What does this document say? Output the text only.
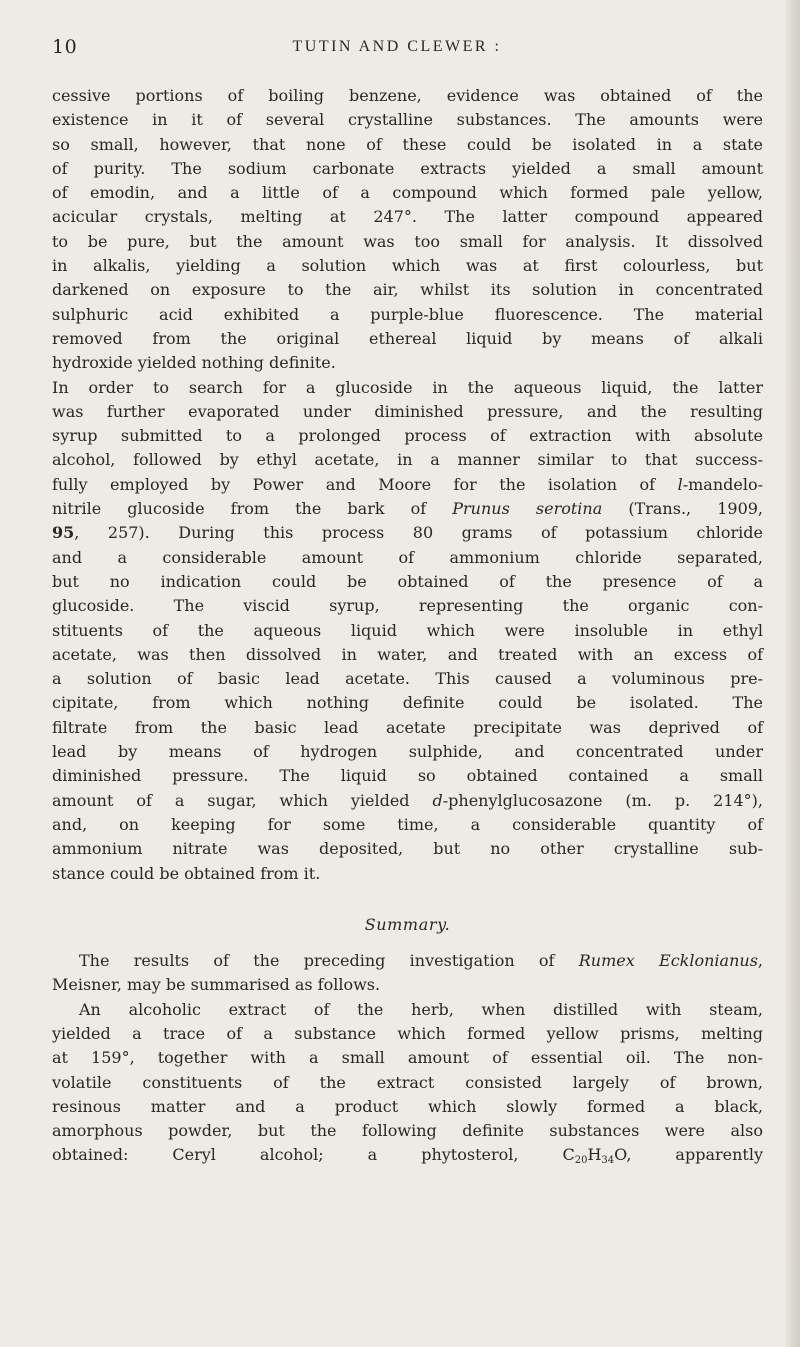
10	TUTIN AND CLEWER :
cessive portions of boiling benzene, evidence was obtained of the
existence in it of several crystalline substances. The amounts were
so small, however, that none of these could be isolated in a state
of purity. The sodium carbonate extracts yielded a small amount
of emodin, and a little of a compound which formed pale yellow,
acicular crystals, melting at 247°. The latter compound appeared
to be pure, but the amount was too small for analysis. It dissolved
in alkalis, yielding a solution which was at first colourless, but
darkened on exposure to the air, whilst its solution in concentrated
sulphuric acid exhibited a purple-blue fluorescence. The material
removed from the original ethereal liquid by means of alkali
hydroxide yielded nothing definite.
In order to search for a glucoside in the aqueous liquid, the latter
was further evaporated under diminished pressure, and the resulting
syrup submitted to a prolonged process of extraction with absolute
alcohol, followed by ethyl acetate, in a manner similar to that success-
fully employed by Power and Moore for the isolation of l-mandelo-
nitrile glucoside from the bark of Prunus serotina (Trans., 1909,
95, 257). During this process 80 grams of potassium chloride
and a considerable amount of ammonium chloride separated,
but no indication could be obtained of the presence of a
glucoside. The viscid syrup, representing the organic con-
stituents of the aqueous liquid which were insoluble in ethyl
acetate, was then dissolved in water, and treated with an excess of
a solution of basic lead acetate. This caused a voluminous pre-
cipitate, from which nothing definite could be isolated. The
filtrate from the basic lead acetate precipitate was deprived of
lead by means of hydrogen sulphide, and concentrated under
diminished pressure. The liquid so obtained contained a small
amount of a sugar, which yielded d-phenylglucosazone (m. p. 214°),
and, on keeping for some time, a considerable quantity of
ammonium nitrate was deposited, but no other crystalline sub-
stance could be obtained from it.
Summary.
The results of the preceding investigation of Rumex Ecklonianus,
Meisner, may be summarised as follows.
An alcoholic extract of the herb, when distilled with steam,
yielded a trace of a substance which formed yellow prisms, melting
at 159°, together with a small amount of essential oil. The non-
volatile constituents of the extract consisted largely of brown,
resinous matter and a product which slowly formed a black,
amorphous powder, but the following definite substances were also
obtained: Ceryl alcohol; a phytosterol, $C_{20}H_{34}O$, apparently
